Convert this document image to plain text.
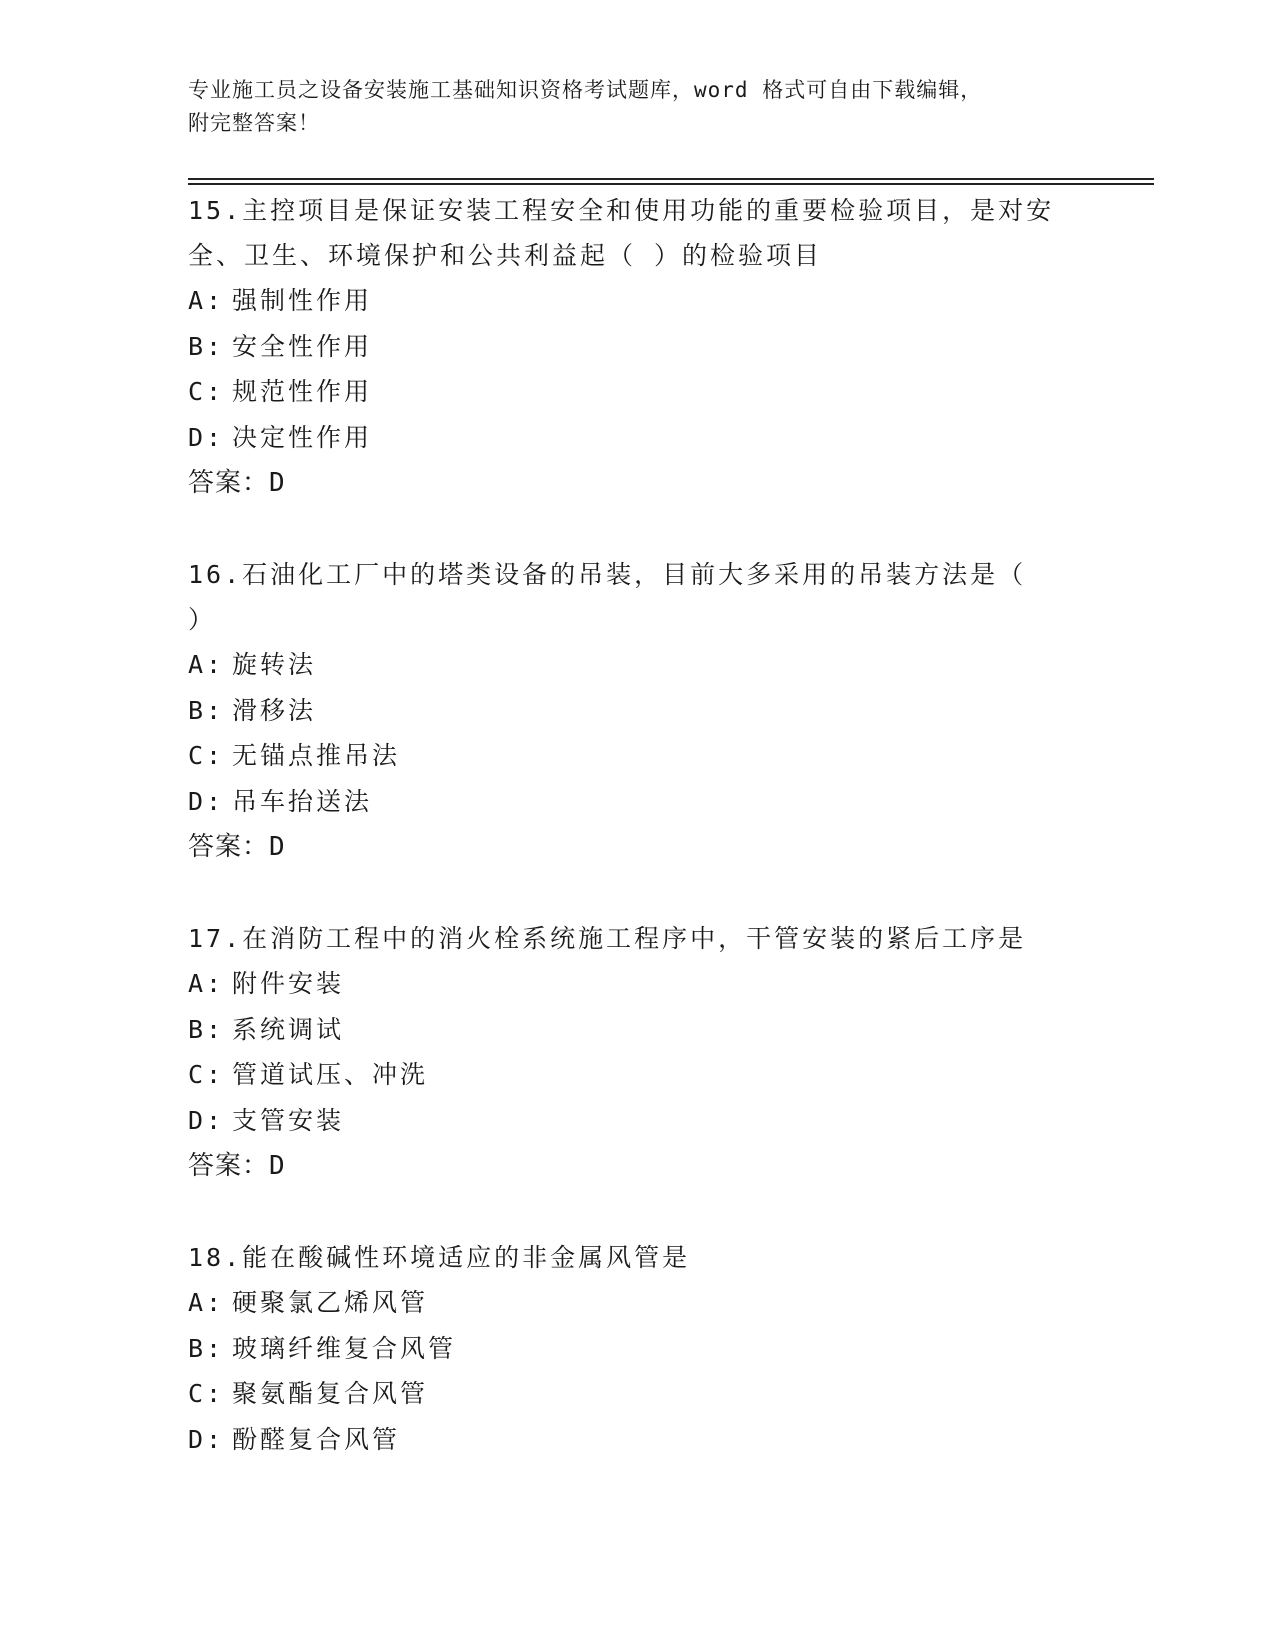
专业施工员之设备安装施工基础知识资格考试题库，word 格式可自由下载编辑，
附完整答案！
15.主控项目是保证安装工程安全和使用功能的重要检验项目，是对安
全、卫生、环境保护和公共利益起（ ）的检验项目
A: 强制性作用
B: 安全性作用
C: 规范性作用
D: 决定性作用
答案：D
16.石油化工厂中的塔类设备的吊装，目前大多采用的吊装方法是（
）
A: 旋转法
B: 滑移法
C: 无锚点推吊法
D: 吊车抬送法
答案：D
17.在消防工程中的消火栓系统施工程序中，干管安装的紧后工序是
A: 附件安装
B: 系统调试
C: 管道试压、冲洗
D: 支管安装
答案：D
18.能在酸碱性环境适应的非金属风管是
A: 硬聚氯乙烯风管
B: 玻璃纤维复合风管
C: 聚氨酯复合风管
D: 酚醛复合风管
